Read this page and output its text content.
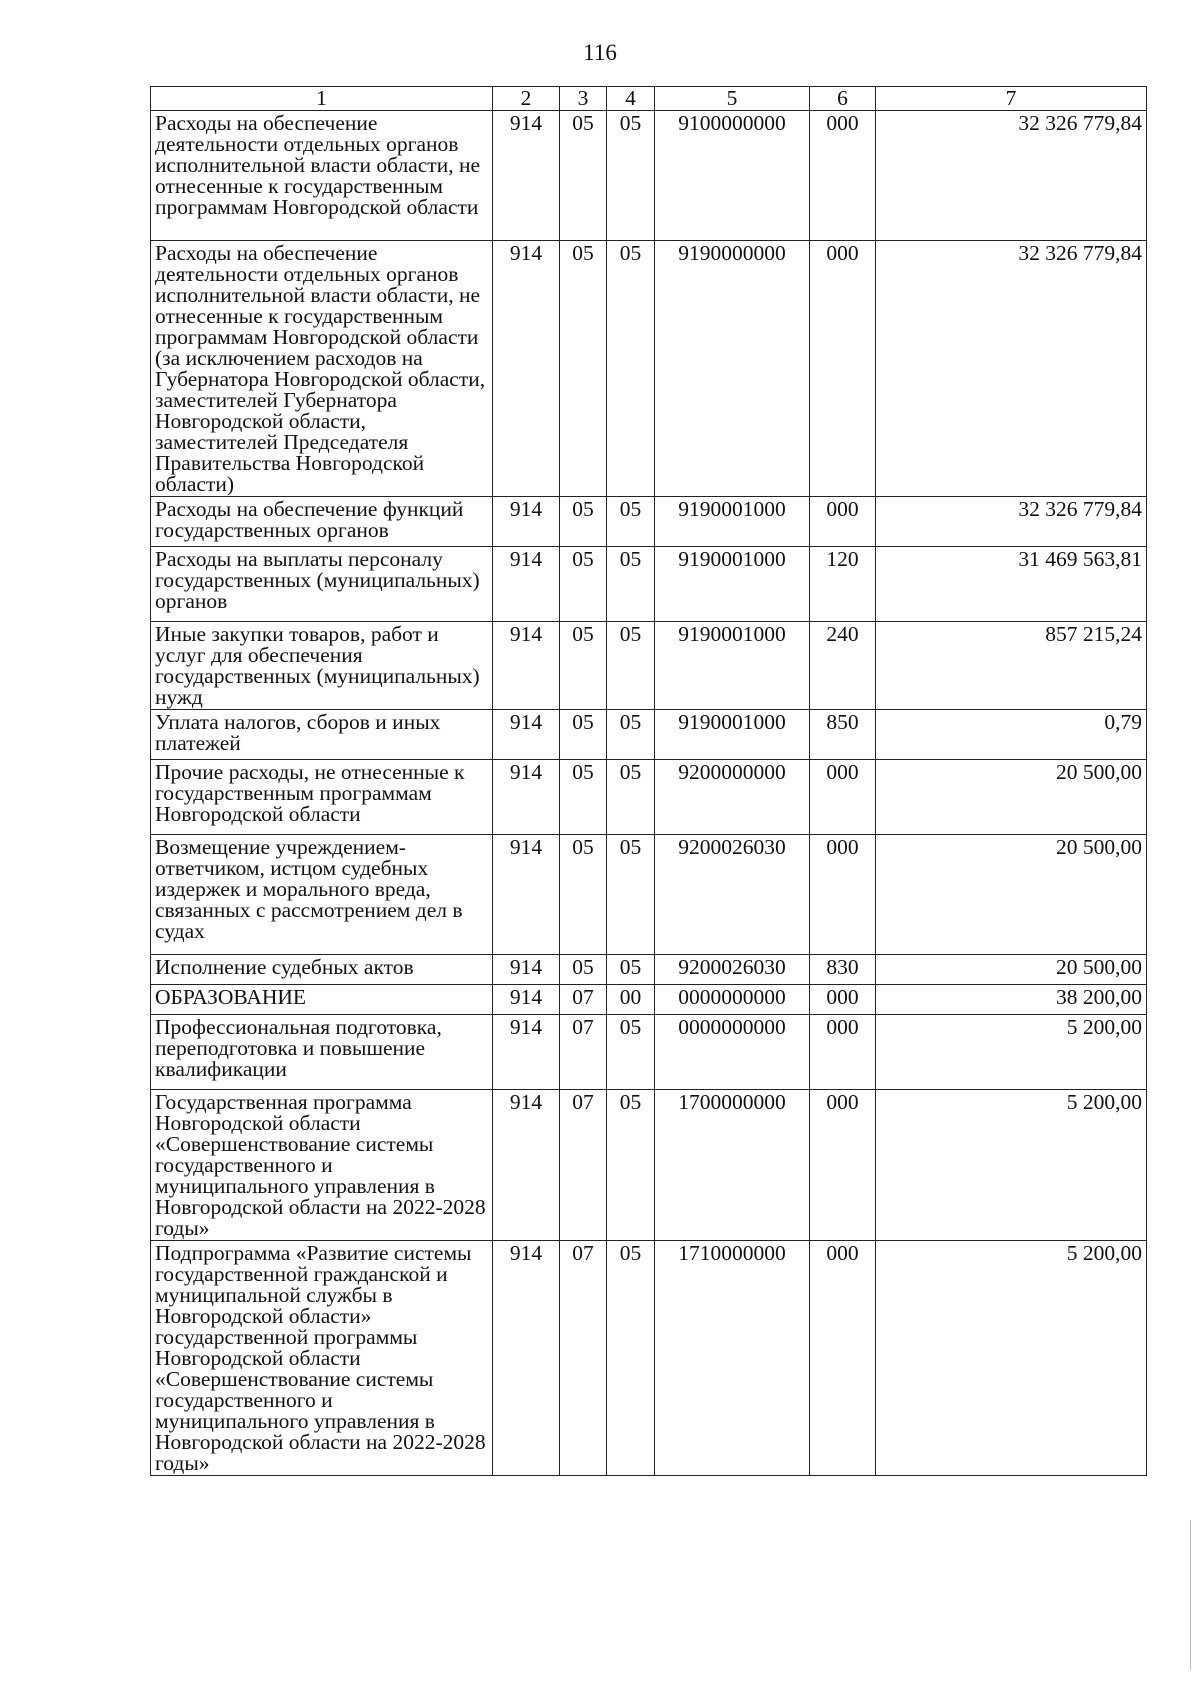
116
1	2	3	4	5	6	7
Расходы на обеспечение деятельности отдельных органов исполнительной власти области, не отнесенные к государственным программам Новгородской области	914	05	05	9100000000	000	32 326 779,84
Расходы на обеспечение деятельности отдельных органов исполнительной власти области, не отнесенные к государственным программам Новгородской области (за исключением расходов на Губернатора Новгородской области, заместителей Губернатора Новгородской области, заместителей Председателя Правительства Новгородской области)	914	05	05	9190000000	000	32 326 779,84
Расходы на обеспечение функций государственных органов	914	05	05	9190001000	000	32 326 779,84
Расходы на выплаты персоналу государственных (муниципальных) органов	914	05	05	9190001000	120	31 469 563,81
Иные закупки товаров, работ и услуг для обеспечения государственных (муниципальных) нужд	914	05	05	9190001000	240	857 215,24
Уплата налогов, сборов и иных платежей	914	05	05	9190001000	850	0,79
Прочие расходы, не отнесенные к государственным программам Новгородской области	914	05	05	9200000000	000	20 500,00
Возмещение учреждением-ответчиком, истцом судебных издержек и морального вреда, связанных с рассмотрением дел в судах	914	05	05	9200026030	000	20 500,00
Исполнение судебных актов	914	05	05	9200026030	830	20 500,00
ОБРАЗОВАНИЕ	914	07	00	0000000000	000	38 200,00
Профессиональная подготовка, переподготовка и повышение квалификации	914	07	05	0000000000	000	5 200,00
Государственная программа Новгородской области «Совершенствование системы государственного и муниципального управления в Новгородской области на 2022-2028 годы»	914	07	05	1700000000	000	5 200,00
Подпрограмма «Развитие системы государственной гражданской и муниципальной службы в Новгородской области» государственной программы Новгородской области «Совершенствование системы государственного и муниципального управления в Новгородской области на 2022-2028 годы»	914	07	05	1710000000	000	5 200,00
